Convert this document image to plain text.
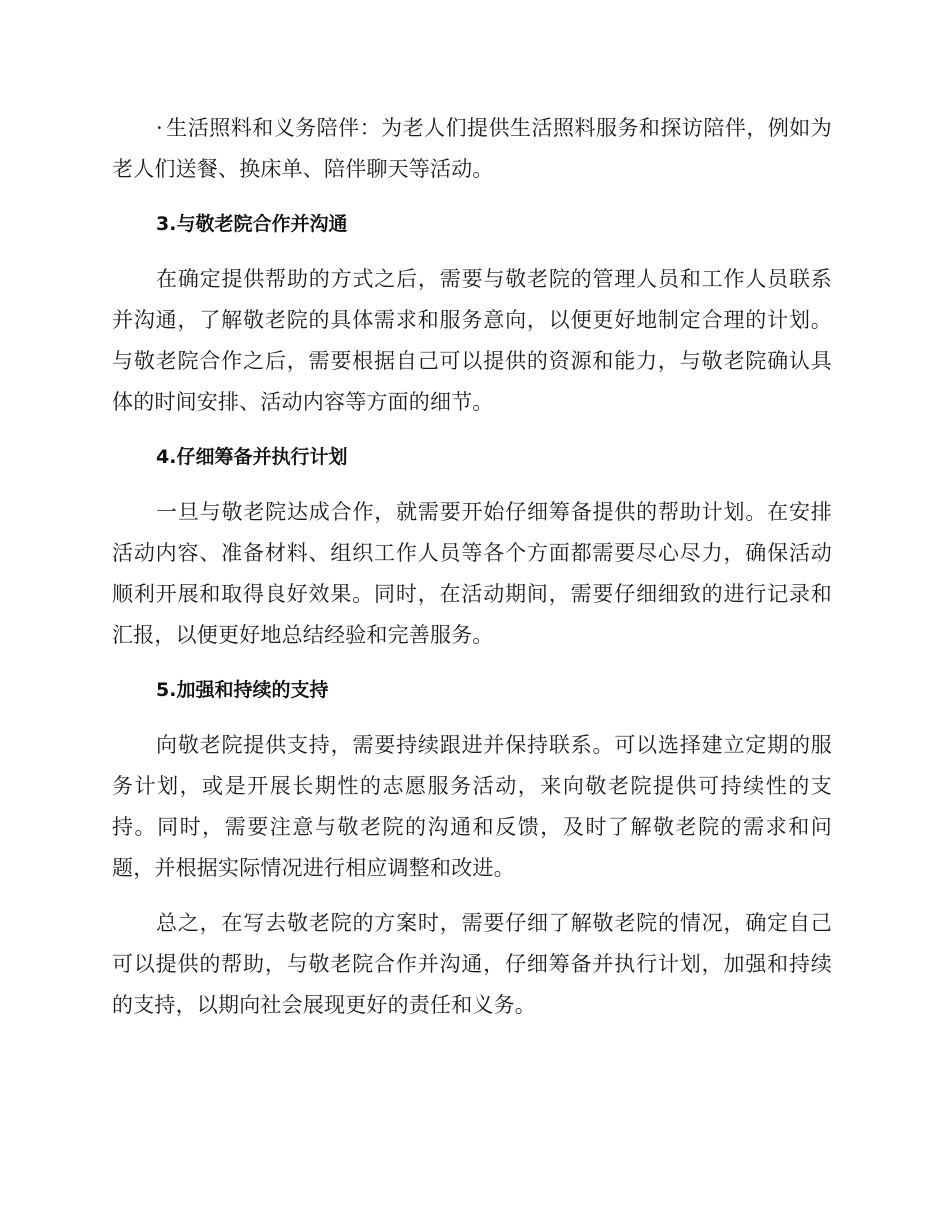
· 生活照料和义务陪伴：为老人们提供生活照料服务和探访陪伴，例如为老人们送餐、换床单、陪伴聊天等活动。

3.与敬老院合作并沟通

在确定提供帮助的方式之后，需要与敬老院的管理人员和工作人员联系并沟通，了解敬老院的具体需求和服务意向，以便更好地制定合理的计划。与敬老院合作之后，需要根据自己可以提供的资源和能力，与敬老院确认具体的时间安排、活动内容等方面的细节。

4.仔细筹备并执行计划

一旦与敬老院达成合作，就需要开始仔细筹备提供的帮助计划。在安排活动内容、准备材料、组织工作人员等各个方面都需要尽心尽力，确保活动顺利开展和取得良好效果。同时，在活动期间，需要仔细细致的进行记录和汇报，以便更好地总结经验和完善服务。

5.加强和持续的支持

向敬老院提供支持，需要持续跟进并保持联系。可以选择建立定期的服务计划，或是开展长期性的志愿服务活动，来向敬老院提供可持续性的支持。同时，需要注意与敬老院的沟通和反馈，及时了解敬老院的需求和问题，并根据实际情况进行相应调整和改进。

总之，在写去敬老院的方案时，需要仔细了解敬老院的情况，确定自己可以提供的帮助，与敬老院合作并沟通，仔细筹备并执行计划，加强和持续的支持，以期向社会展现更好的责任和义务。
